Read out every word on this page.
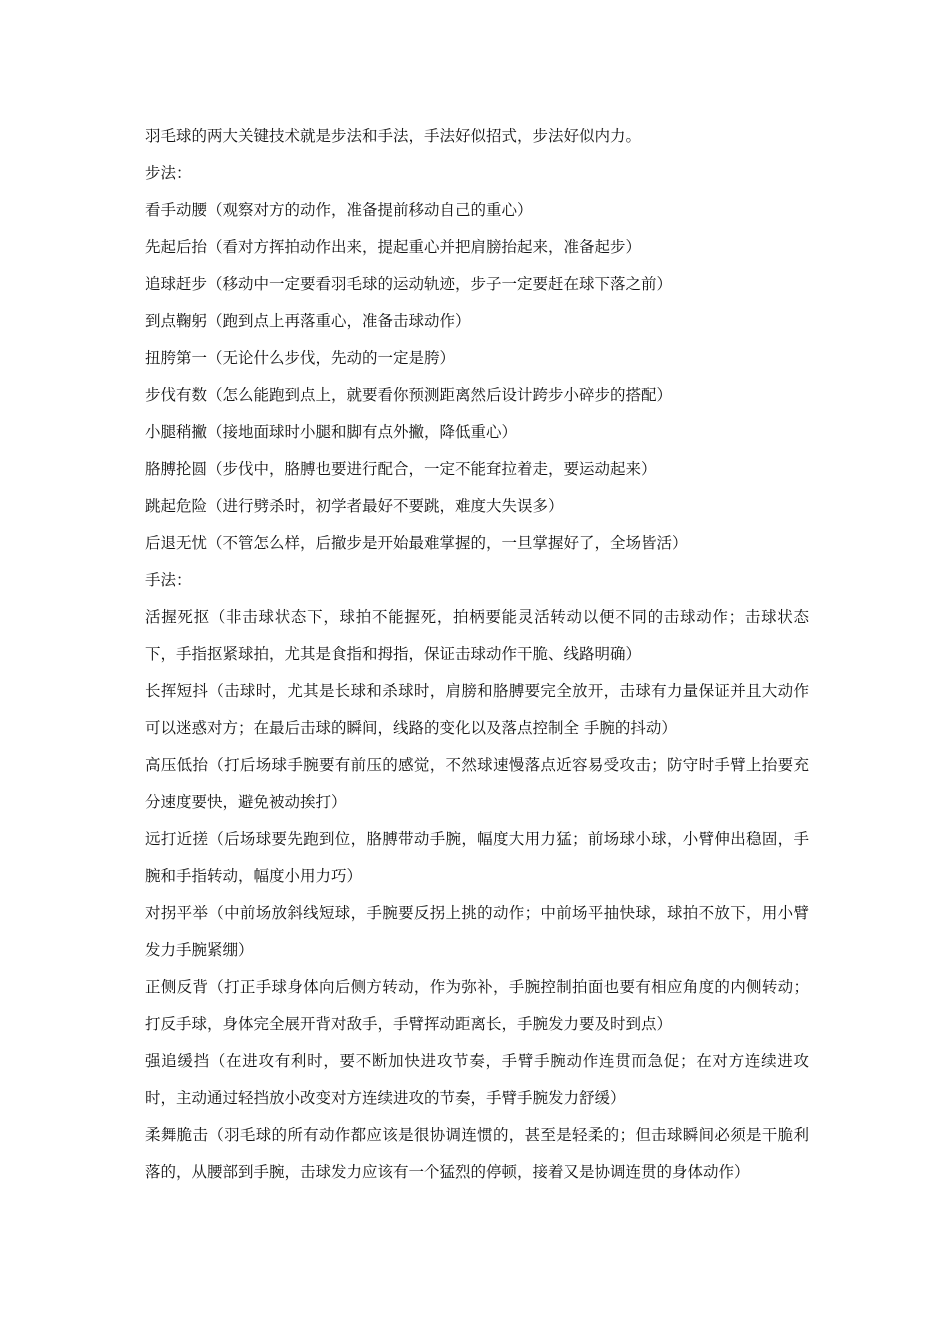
羽毛球的两大关键技术就是步法和手法，手法好似招式，步法好似内力。

步法：

看手动腰（观察对方的动作，准备提前移动自己的重心）

先起后抬（看对方挥拍动作出来，提起重心并把肩膀抬起来，准备起步）

追球赶步（移动中一定要看羽毛球的运动轨迹，步子一定要赶在球下落之前）

到点鞠躬（跑到点上再落重心，准备击球动作）

扭胯第一（无论什么步伐，先动的一定是胯）

步伐有数（怎么能跑到点上，就要看你预测距离然后设计跨步小碎步的搭配）

小腿稍撇（接地面球时小腿和脚有点外撇，降低重心）

胳膊抡圆（步伐中，胳膊也要进行配合，一定不能耷拉着走，要运动起来）

跳起危险（进行劈杀时，初学者最好不要跳，难度大失误多）

后退无忧（不管怎么样，后撤步是开始最难掌握的，一旦掌握好了，全场皆活）

手法：

活握死抠（非击球状态下，球拍不能握死，拍柄要能灵活转动以便不同的击球动作；击球状态下，手指抠紧球拍，尤其是食指和拇指，保证击球动作干脆、线路明确）

长挥短抖（击球时，尤其是长球和杀球时，肩膀和胳膊要完全放开，击球有力量保证并且大动作可以迷惑对方；在最后击球的瞬间，线路的变化以及落点控制全 手腕的抖动）

高压低抬（打后场球手腕要有前压的感觉，不然球速慢落点近容易受攻击；防守时手臂上抬要充分速度要快，避免被动挨打）

远打近搓（后场球要先跑到位，胳膊带动手腕，幅度大用力猛；前场球小球，小臂伸出稳固，手腕和手指转动，幅度小用力巧）

对拐平举（中前场放斜线短球，手腕要反拐上挑的动作；中前场平抽快球，球拍不放下，用小臂发力手腕紧绷）

正侧反背（打正手球身体向后侧方转动，作为弥补，手腕控制拍面也要有相应角度的内侧转动；打反手球，身体完全展开背对敌手，手臂挥动距离长，手腕发力要及时到点）

强追缓挡（在进攻有利时，要不断加快进攻节奏，手臂手腕动作连贯而急促；在对方连续进攻时，主动通过轻挡放小改变对方连续进攻的节奏，手臂手腕发力舒缓）

柔舞脆击（羽毛球的所有动作都应该是很协调连惯的，甚至是轻柔的；但击球瞬间必须是干脆利落的，从腰部到手腕，击球发力应该有一个猛烈的停顿，接着又是协调连贯的身体动作）
